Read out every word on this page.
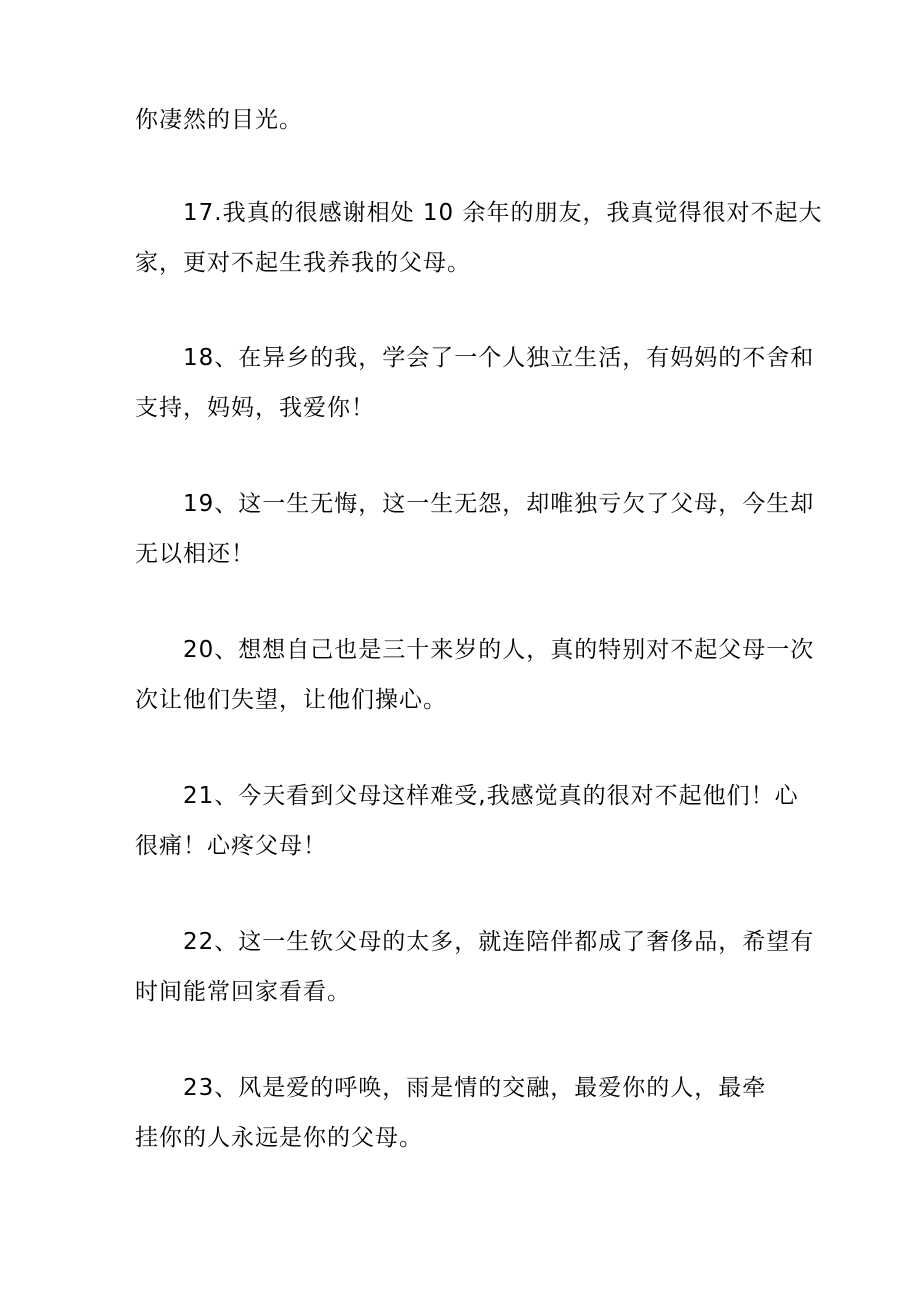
你凄然的目光。

17.我真的很感谢相处 10 余年的朋友，我真觉得很对不起大
家，更对不起生我养我的父母。

18、在异乡的我，学会了一个人独立生活，有妈妈的不舍和
支持，妈妈，我爱你！

19、这一生无悔，这一生无怨，却唯独亏欠了父母，今生却
无以相还！

20、想想自己也是三十来岁的人，真的特别对不起父母一次
次让他们失望，让他们操心。

21、今天看到父母这样难受,我感觉真的很对不起他们！心
很痛！心疼父母！

22、这一生钦父母的太多，就连陪伴都成了奢侈品，希望有
时间能常回家看看。

23、风是爱的呼唤，雨是情的交融，最爱你的人，最牵
挂你的人永远是你的父母。
